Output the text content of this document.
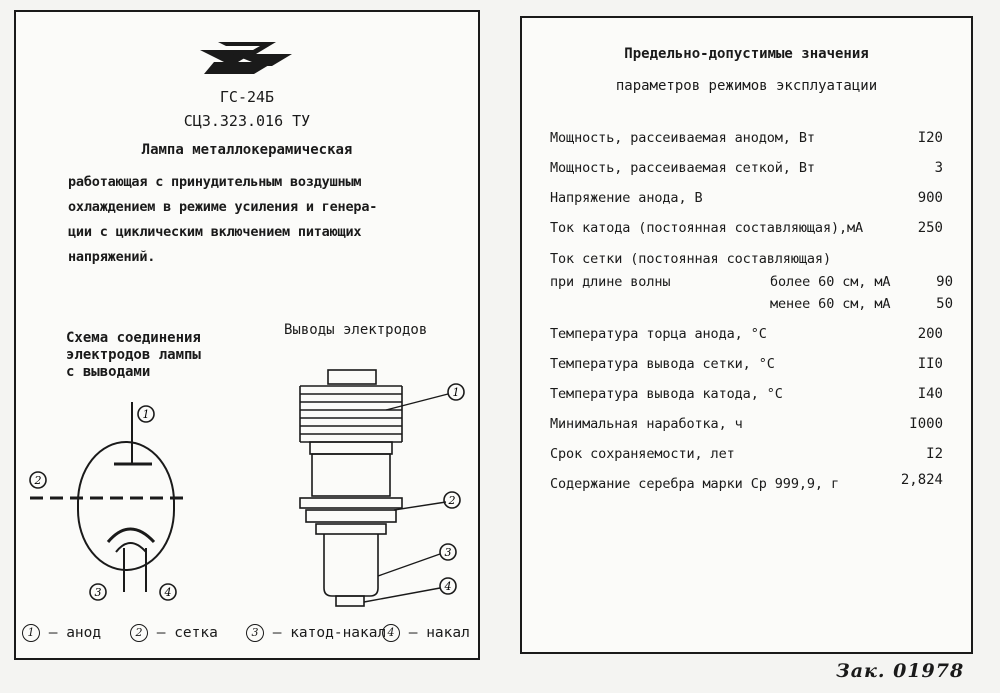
ГС-24Б
СЦЗ.323.016 ТУ
Лампа металлокерамическая
работающая с принудительным воздушным
охлаждением в режиме усиления и генера-
ции с циклическим включением питающих
напряжений.
Схема соединения
электродов лампы
с выводами
Выводы электродов
1
2
3	4
1
2
3
4
1 – анод	2 – сетка	3 – катод-накал 4 – накал
Предельно-допустимые значения
параметров режимов эксплуатации
Мощность, рассеиваемая анодом, Вт	I20
Мощность, рассеиваемая сеткой, Вт	3
Напряжение анода, В	900
Ток катода (постоянная составляющая),мА	250
Ток сетки (постоянная составляющая)
при длине волны	более 60 см, мА	90
менее 60 см, мА	50
Температура торца анода, °С	200
Температура вывода сетки, °С	II0
Температура вывода катода, °С	I40
Минимальная наработка, ч	I000
Срок сохраняемости, лет	I2
Содержание серебра марки Ср 999,9, г	2,824
Зак. 01978
